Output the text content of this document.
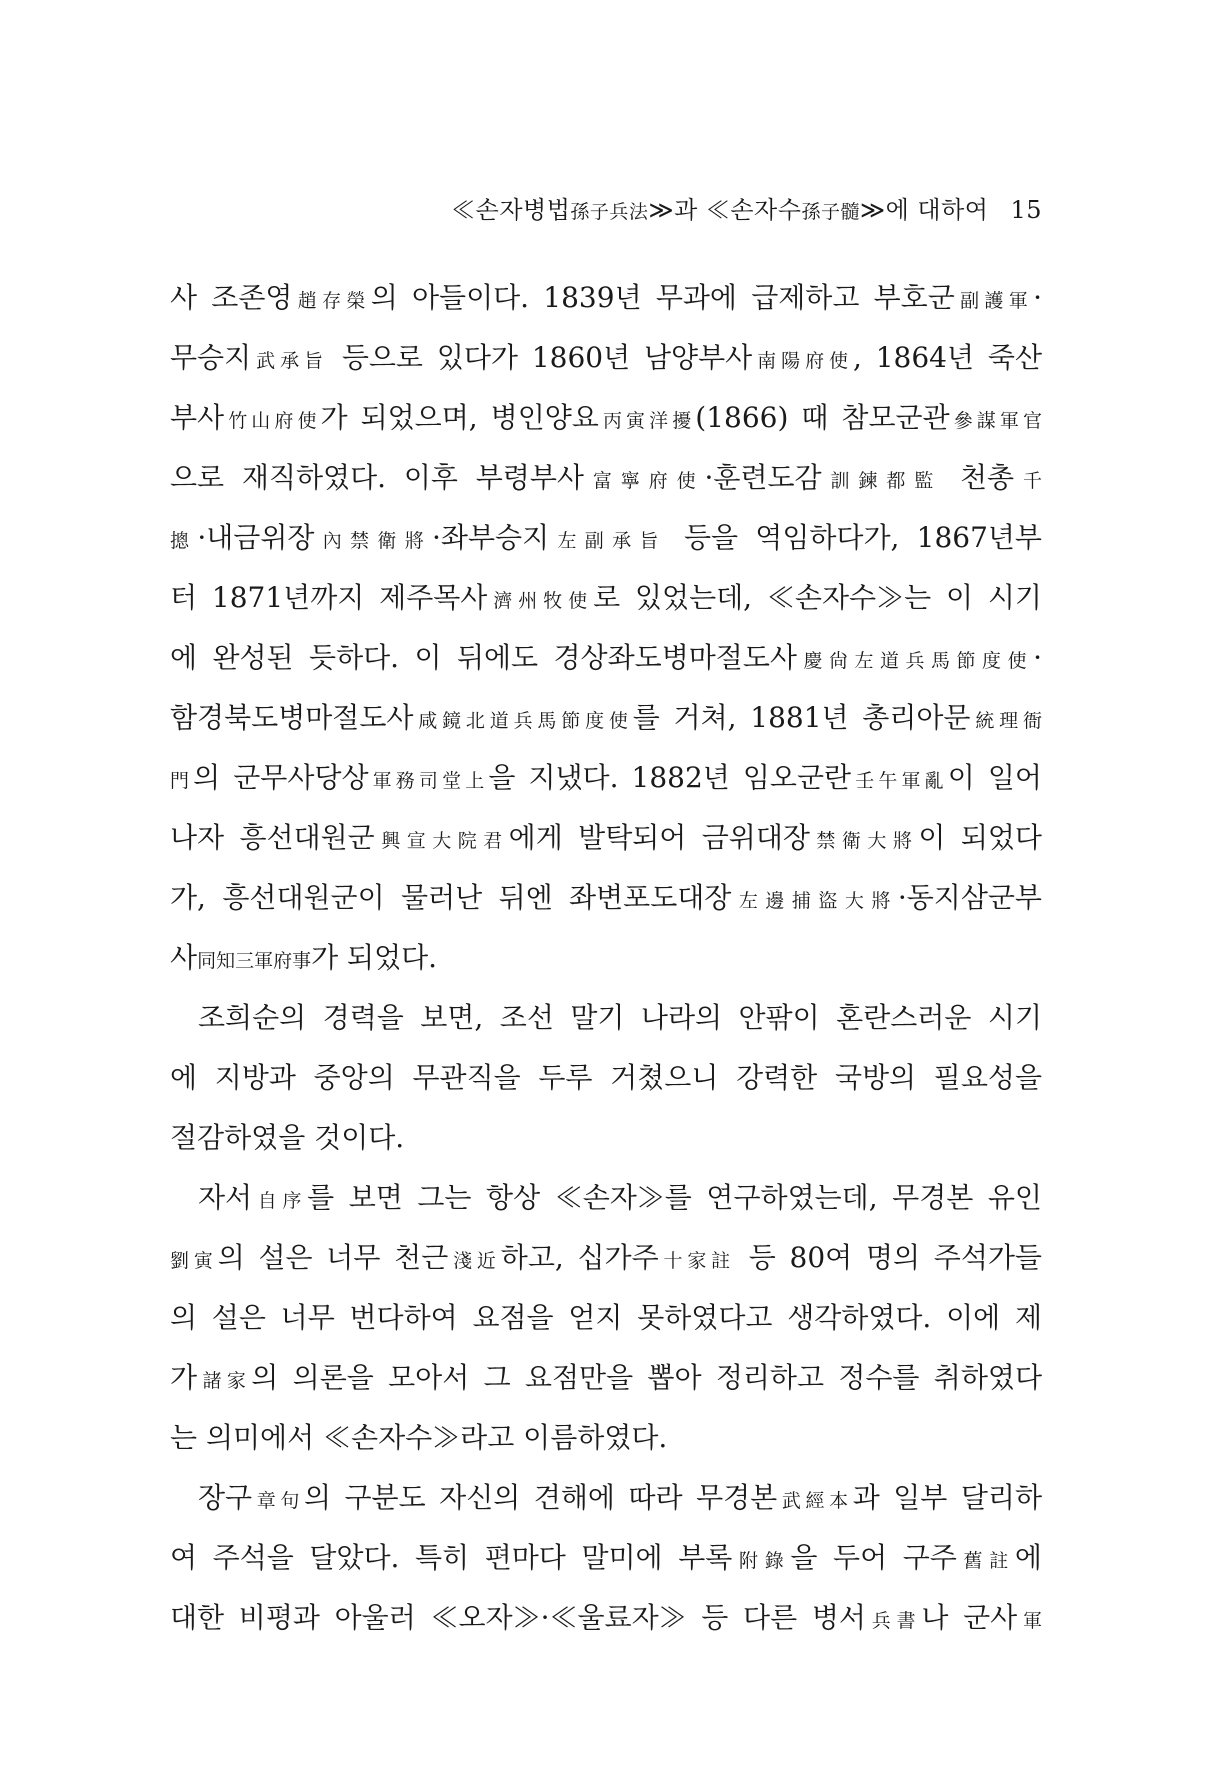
≪손자병법孫子兵法≫과 ≪손자수孫子髓≫에 대하여 15
사 조존영趙存榮의 아들이다. 1839년 무과에 급제하고 부호군副護軍·
무승지武承旨 등으로 있다가 1860년 남양부사南陽府使, 1864년 죽산
부사竹山府使가 되었으며, 병인양요丙寅洋擾(1866) 때 참모군관參謀軍官
으로 재직하였다. 이후 부령부사富寧府使·훈련도감訓鍊都監 천총千
摠·내금위장內禁衛將·좌부승지左副承旨 등을 역임하다가, 1867년부
터 1871년까지 제주목사濟州牧使로 있었는데, ≪손자수≫는 이 시기
에 완성된 듯하다. 이 뒤에도 경상좌도병마절도사慶尙左道兵馬節度使·
함경북도병마절도사咸鏡北道兵馬節度使를 거쳐, 1881년 총리아문統理衙
門의 군무사당상軍務司堂上을 지냈다. 1882년 임오군란壬午軍亂이 일어
나자 흥선대원군興宣大院君에게 발탁되어 금위대장禁衛大將이 되었다
가, 흥선대원군이 물러난 뒤엔 좌변포도대장左邊捕盜大將·동지삼군부
사同知三軍府事가 되었다.
조희순의 경력을 보면, 조선 말기 나라의 안팎이 혼란스러운 시기
에 지방과 중앙의 무관직을 두루 거쳤으니 강력한 국방의 필요성을
절감하였을 것이다.
자서自序를 보면 그는 항상 ≪손자≫를 연구하였는데, 무경본 유인
劉寅의 설은 너무 천근淺近하고, 십가주十家註 등 80여 명의 주석가들
의 설은 너무 번다하여 요점을 얻지 못하였다고 생각하였다. 이에 제
가諸家의 의론을 모아서 그 요점만을 뽑아 정리하고 정수를 취하였다
는 의미에서 ≪손자수≫라고 이름하였다.
장구章句의 구분도 자신의 견해에 따라 무경본武經本과 일부 달리하
여 주석을 달았다. 특히 편마다 말미에 부록附錄을 두어 구주舊註에
대한 비평과 아울러 ≪오자≫·≪울료자≫ 등 다른 병서兵書나 군사軍
